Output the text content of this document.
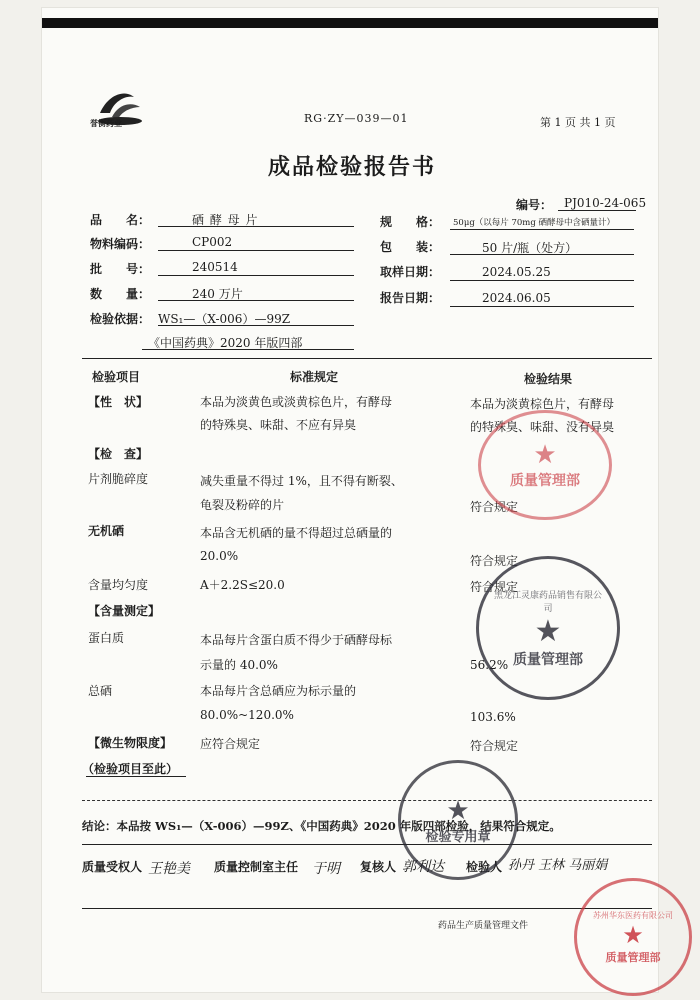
誉衡药业	RG·ZY—039—01	第 1 页 共 1 页
成品检验报告书
编号： PJ010-24-065
品　　名：	硒 酵 母 片	规　　格： 50μg（以每片 70mg 硒酵母中含硒量计）
物料编码：	CP002	包　　装：	50 片/瓶（处方）
批　　号：	240514	取样日期：	2024.05.25
数　　量：	240 万片	报告日期：	2024.06.05
检验依据： WS₁—（X-006）—99Z
《中国药典》2020 年版四部
检验项目	标准规定	检验结果
【性　状】	本品为淡黄色或淡黄棕色片，有酵母
的特殊臭、味甜、不应有异臭
本品为淡黄棕色片，有酵母
的特殊臭、味甜、没有异臭
【检　查】
片剂脆碎度	减失重量不得过 1%，且不得有断裂、
龟裂及粉碎的片	符合规定
无机硒	本品含无机硒的量不得超过总硒量的
20.0%	符合规定
含量均匀度	A＋2.2S≤20.0	符合规定
【含量测定】
蛋白质	本品每片含蛋白质不得少于硒酵母标
示量的 40.0%	56.2%
总硒	本品每片含总硒应为标示量的
80.0%~120.0%	103.6%
【微生物限度】 应符合规定	符合规定
（检验项目至此）
结论：本品按 WS₁—（X-006）—99Z、《中国药典》2020 年版四部检验，结果符合规定。
质量受权人 王艳美 质量控制室主任 于明 复核人 郭利达 检验人 孙丹 王林 马丽娟
药品生产质量管理文件
★
质量管理部
黑龙江灵康药品销售有限公司
★
质量管理部
★
检验专用章
苏州华东医药有限公司
★
质量管理部
